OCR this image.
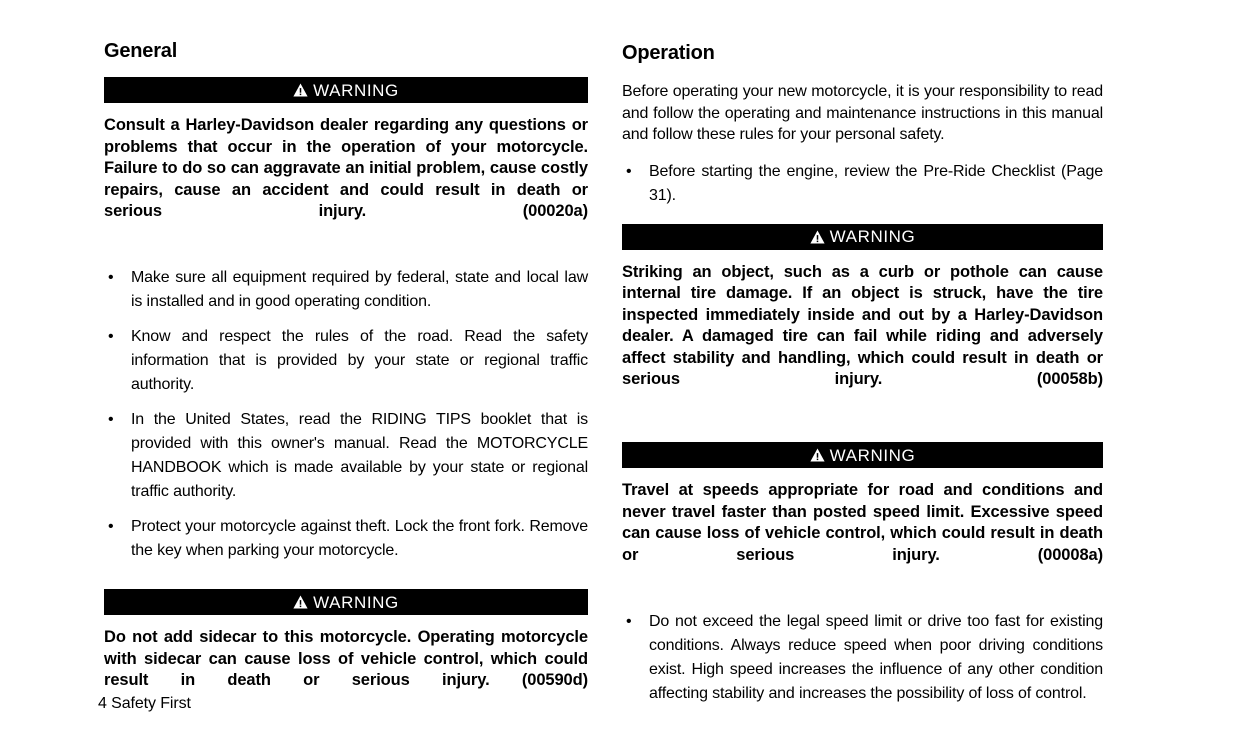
General
WARNING

Consult a Harley-Davidson dealer regarding any questions or problems that occur in the operation of your motorcycle. Failure to do so can aggravate an initial problem, cause costly repairs, cause an accident and could result in death or serious injury. (00020a)

• Make sure all equipment required by federal, state and local law is installed and in good operating condition.
• Know and respect the rules of the road. Read the safety information that is provided by your state or regional traffic authority.
• In the United States, read the RIDING TIPS booklet that is provided with this owner's manual. Read the MOTORCYCLE HANDBOOK which is made available by your state or regional traffic authority.
• Protect your motorcycle against theft. Lock the front fork. Remove the key when parking your motorcycle.
WARNING

Do not add sidecar to this motorcycle. Operating motorcycle with sidecar can cause loss of vehicle control, which could result in death or serious injury. (00590d)

Operation

Before operating your new motorcycle, it is your responsibility to read and follow the operating and maintenance instructions in this manual and follow these rules for your personal safety.

• Before starting the engine, review the Pre-Ride Checklist (Page 31).
WARNING

Striking an object, such as a curb or pothole can cause internal tire damage. If an object is struck, have the tire inspected immediately inside and out by a Harley-Davidson dealer. A damaged tire can fail while riding and adversely affect stability and handling, which could result in death or serious injury. (00058b)

WARNING

Travel at speeds appropriate for road and conditions and never travel faster than posted speed limit. Excessive speed can cause loss of vehicle control, which could result in death or serious injury. (00008a)

• Do not exceed the legal speed limit or drive too fast for existing conditions. Always reduce speed when poor driving conditions exist. High speed increases the influence of any other condition affecting stability and increases the possibility of loss of control.
4 Safety First
